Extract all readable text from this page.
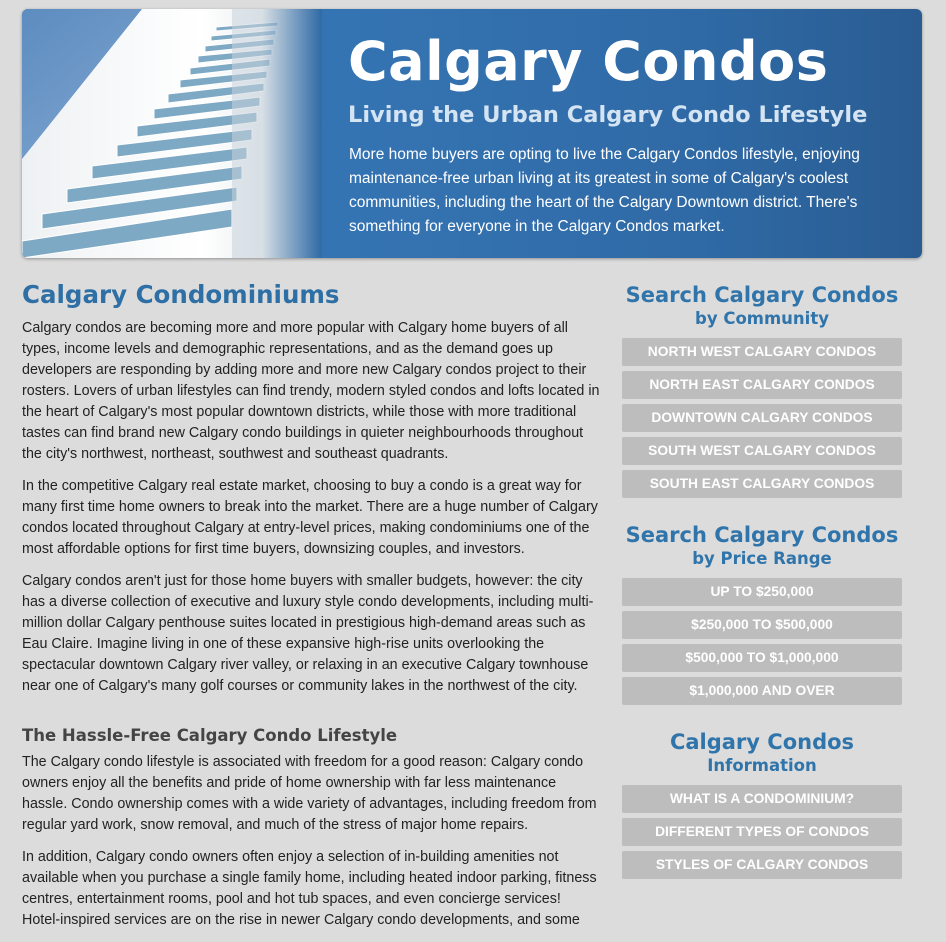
Calgary Condos
Living the Urban Calgary Condo Lifestyle

More home buyers are opting to live the Calgary Condos lifestyle, enjoying maintenance-free urban living at its greatest in some of Calgary's coolest communities, including the heart of the Calgary Downtown district. There's something for everyone in the Calgary Condos market.

Calgary Condominiums

Calgary condos are becoming more and more popular with Calgary home buyers of all types, income levels and demographic representations, and as the demand goes up developers are responding by adding more and more new Calgary condos project to their rosters. Lovers of urban lifestyles can find trendy, modern styled condos and lofts located in the heart of Calgary's most popular downtown districts, while those with more traditional tastes can find brand new Calgary condo buildings in quieter neighbourhoods throughout the city's northwest, northeast, southwest and southeast quadrants.

In the competitive Calgary real estate market, choosing to buy a condo is a great way for many first time home owners to break into the market. There are a huge number of Calgary condos located throughout Calgary at entry-level prices, making condominiums one of the most affordable options for first time buyers, downsizing couples, and investors.

Calgary condos aren't just for those home buyers with smaller budgets, however: the city has a diverse collection of executive and luxury style condo developments, including multi-million dollar Calgary penthouse suites located in prestigious high-demand areas such as Eau Claire. Imagine living in one of these expansive high-rise units overlooking the spectacular downtown Calgary river valley, or relaxing in an executive Calgary townhouse near one of Calgary's many golf courses or community lakes in the northwest of the city.

The Hassle-Free Calgary Condo Lifestyle

The Calgary condo lifestyle is associated with freedom for a good reason: Calgary condo owners enjoy all the benefits and pride of home ownership with far less maintenance hassle. Condo ownership comes with a wide variety of advantages, including freedom from regular yard work, snow removal, and much of the stress of major home repairs.

In addition, Calgary condo owners often enjoy a selection of in-building amenities not available when you purchase a single family home, including heated indoor parking, fitness centres, entertainment rooms, pool and hot tub spaces, and even concierge services! Hotel-inspired services are on the rise in newer Calgary condo developments, and some

Search Calgary Condos
by Community
NORTH WEST CALGARY CONDOS
NORTH EAST CALGARY CONDOS
DOWNTOWN CALGARY CONDOS
SOUTH WEST CALGARY CONDOS
SOUTH EAST CALGARY CONDOS
Search Calgary Condos
by Price Range
UP TO $250,000
$250,000 TO $500,000
$500,000 TO $1,000,000
$1,000,000 AND OVER
Calgary Condos
Information
WHAT IS A CONDOMINIUM?
DIFFERENT TYPES OF CONDOS
STYLES OF CALGARY CONDOS
